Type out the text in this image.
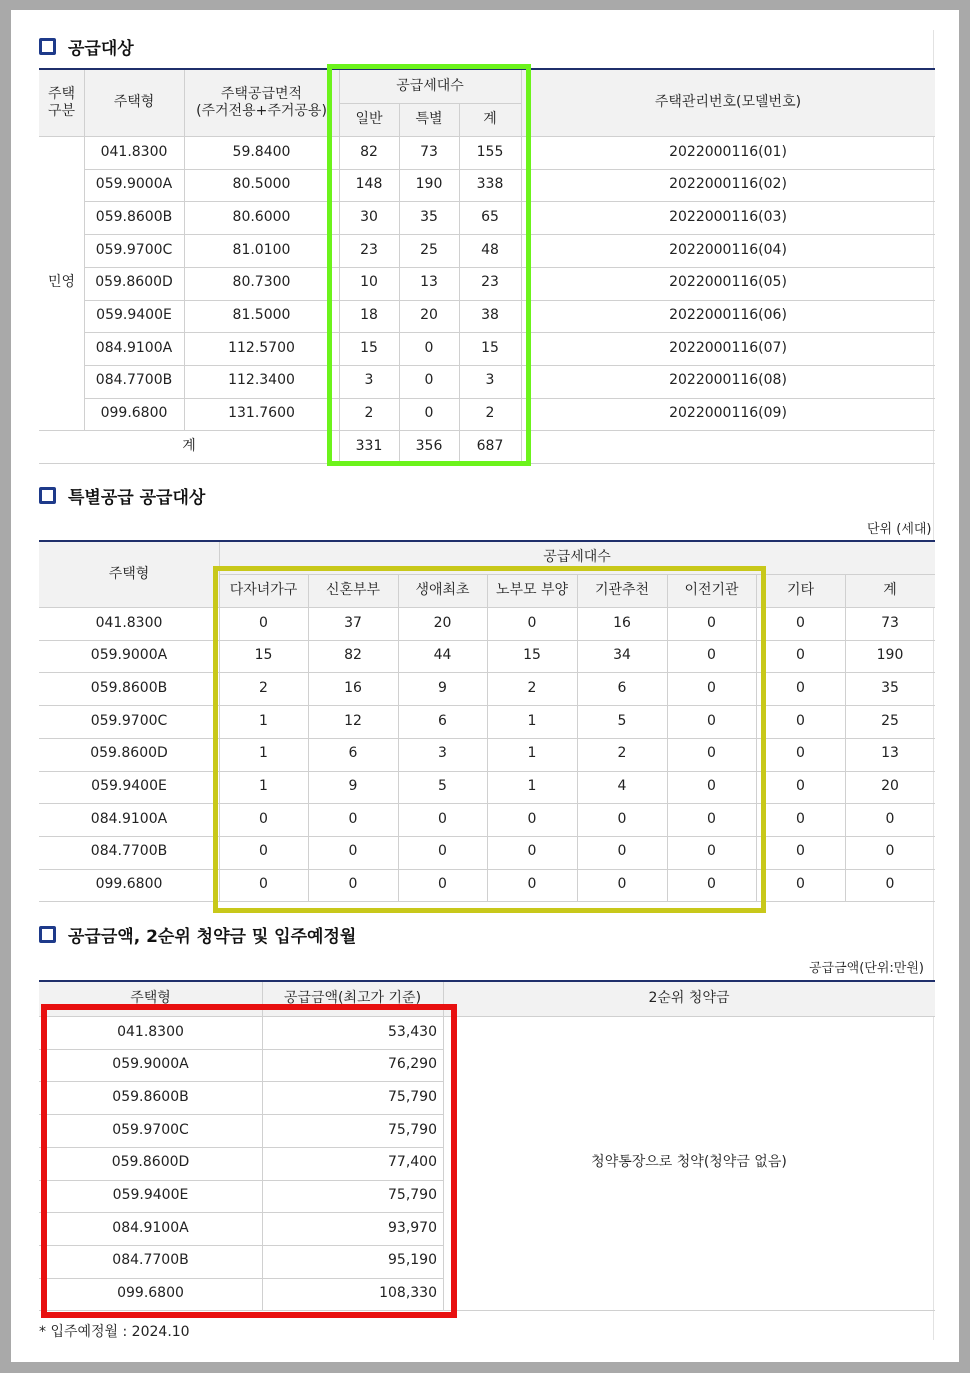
공급대상
주택
구분
주택형
주택공급면적
(주거전용+주거공용)
공급세대수
일반	특별	계
주택관리번호(모델번호)
민영
041.8300	59.8400	82	73	155	2022000116(01)
059.9000A	80.5000	148	190	338	2022000116(02)
059.8600B	80.6000	30	35	65	2022000116(03)
059.9700C	81.0100	23	25	48	2022000116(04)
059.8600D	80.7300	10	13	23	2022000116(05)
059.9400E	81.5000	18	20	38	2022000116(06)
084.9100A	112.5700	15	0	15	2022000116(07)
084.7700B	112.3400	3	0	3	2022000116(08)
099.6800	131.7600	2	0	2	2022000116(09)
계	331	356	687
특별공급 공급대상
단위 (세대)
주택형
공급세대수
다자녀가구	신혼부부	생애최초	노부모 부양	기관추천	이전기관	기타	계
041.8300	0	37	20	0	16	0	0	73
059.9000A	15	82	44	15	34	0	0	190
059.8600B	2	16	9	2	6	0	0	35
059.9700C	1	12	6	1	5	0	0	25
059.8600D	1	6	3	1	2	0	0	13
059.9400E	1	9	5	1	4	0	0	20
084.9100A	0	0	0	0	0	0	0	0
084.7700B	0	0	0	0	0	0	0	0
099.6800	0	0	0	0	0	0	0	0
공급금액, 2순위 청약금 및 입주예정월
공급금액(단위:만원)
주택형	공급금액(최고가 기준)	2순위 청약금
041.8300	53,430
059.9000A	76,290
059.8600B	75,790
059.9700C	75,790
059.8600D	77,400
059.9400E	75,790
084.9100A	93,970
084.7700B	95,190
099.6800	108,330
청약통장으로 청약(청약금 없음)
* 입주예정월 : 2024.10
